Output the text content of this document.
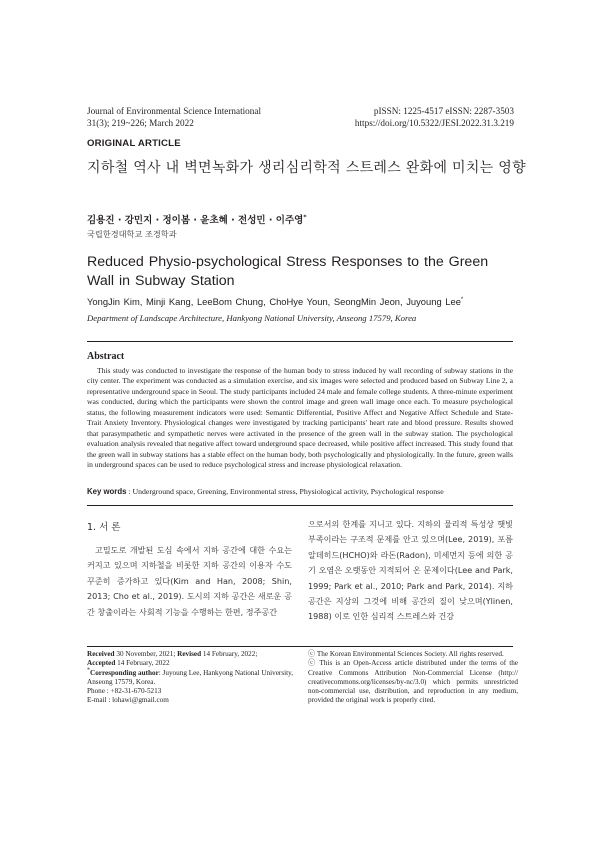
Journal of Environmental Science International
31(3); 219~226; March 2022
pISSN: 1225-4517 eISSN: 2287-3503
https://doi.org/10.5322/JESI.2022.31.3.219
ORIGINAL ARTICLE
지하철 역사 내 벽면녹화가 생리심리학적 스트레스 완화에 미치는 영향
김용진 · 강민지 · 정이봄 · 윤초혜 · 전성민 · 이주영*
국립한경대학교 조경학과
Reduced Physio-psychological Stress Responses to the Green
Wall in Subway Station
YongJin Kim, Minji Kang, LeeBom Chung, ChoHye Youn, SeongMin Jeon, Juyoung Lee*
Department of Landscape Architecture, Hankyong National University, Anseong 17579, Korea
Abstract

This study was conducted to investigate the response of the human body to stress induced by wall recording of subway stations in the city center. The experiment was conducted as a simulation exercise, and six images were selected and produced based on Subway Line 2, a representative underground space in Seoul. The study participants included 24 male and female college students. A three-minute experiment was conducted, during which the participants were shown the control image and green wall image once each. To measure psychological status, the following measurement indicators were used: Semantic Differential, Positive Affect and Negative Affect Schedule and State-Trait Anxiety Inventory. Physiological changes were investigated by tracking participants' heart rate and blood pressure. Results showed that parasympathetic and sympathetic nerves were activated in the presence of the green wall in the subway station. The psychological evaluation analysis revealed that negative affect toward underground space decreased, while positive affect increased. This study found that the green wall in subway stations has a stable effect on the human body, both psychologically and physiologically. In the future, green walls in underground spaces can be used to reduce psychological stress and increase physiological relaxation.

Key words : Underground space, Greening, Environmental stress, Physiological activity, Psychological response
1. 서 론

고밀도로 개발된 도심 속에서 지하 공간에 대한 수요는 커지고 있으며 지하철을 비롯한 지하 공간의 이용자 수도 꾸준히 증가하고 있다(Kim and Han, 2008; Shin, 2013; Cho et al., 2019). 도시의 지하 공간은 새로운 공간 창출이라는 사회적 기능을 수행하는 한편, 정주공간

으로서의 한계를 지니고 있다. 지하의 물리적 특성상 햇빛 부족이라는 구조적 문제를 안고 있으며(Lee, 2019), 포름알데히드(HCHO)와 라돈(Radon), 미세먼지 등에 의한 공기 오염은 오랫동안 지적되어 온 문제이다(Lee and Park, 1999; Park et al., 2010; Park and Park, 2014). 지하 공간은 지상의 그것에 비해 공간의 질이 낮으며(Ylinen, 1988) 이로 인한 심리적 스트레스와 건강

Received 30 November, 2021; Revised 14 February, 2022;
Accepted 14 February, 2022
*Corresponding author: Juyoung Lee, Hankyong National University, Anseong 17579, Korea.
Phone : +82-31-670-5213
E-mail : lohawi@gmail.com
ⓒ The Korean Environmental Sciences Society. All rights reserved.
ⓒ This is an Open-Access article distributed under the terms of the Creative Commons Attribution Non-Commercial License (http:// creativecommons.org/licenses/by-nc/3.0) which permits unrestricted non-commercial use, distribution, and reproduction in any medium, provided the original work is properly cited.
